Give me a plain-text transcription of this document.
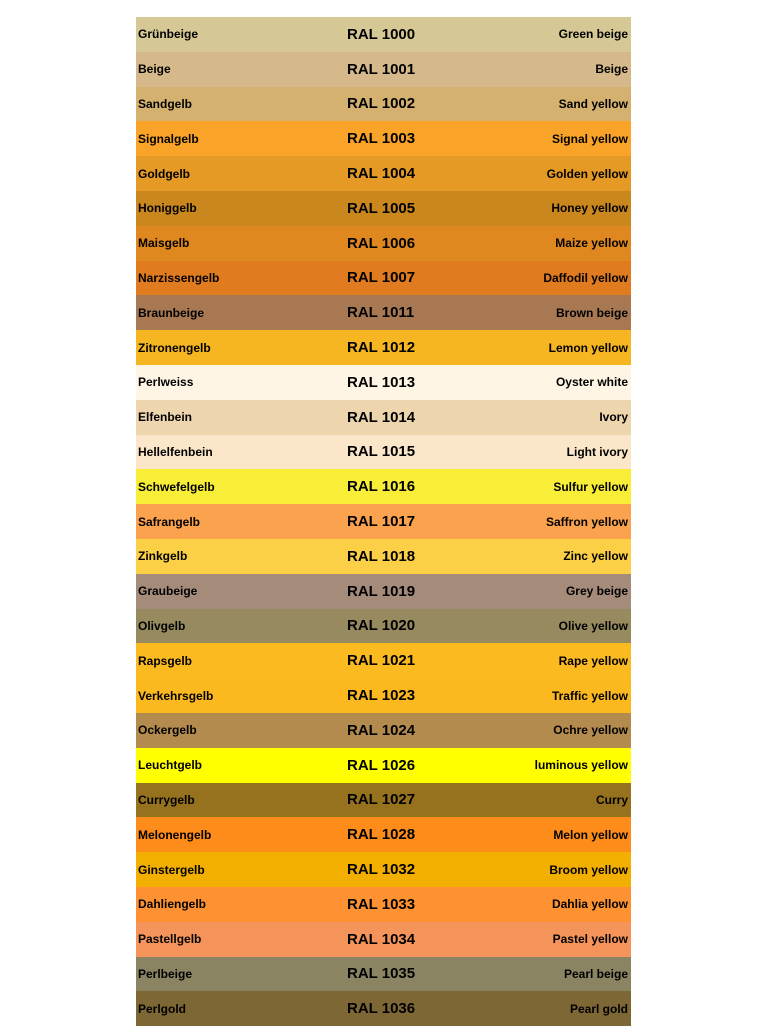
Grünbeige	RAL 1000	Green beige
Beige	RAL 1001	Beige
Sandgelb	RAL 1002	Sand yellow
Signalgelb	RAL 1003	Signal yellow
Goldgelb	RAL 1004	Golden yellow
Honiggelb	RAL 1005	Honey yellow
Maisgelb	RAL 1006	Maize yellow
Narzissengelb	RAL 1007	Daffodil yellow
Braunbeige	RAL 1011	Brown beige
Zitronengelb	RAL 1012	Lemon yellow
Perlweiss	RAL 1013	Oyster white
Elfenbein	RAL 1014	Ivory
Hellelfenbein	RAL 1015	Light ivory
Schwefelgelb	RAL 1016	Sulfur yellow
Safrangelb	RAL 1017	Saffron yellow
Zinkgelb	RAL 1018	Zinc yellow
Graubeige	RAL 1019	Grey beige
Olivgelb	RAL 1020	Olive yellow
Rapsgelb	RAL 1021	Rape yellow
Verkehrsgelb	RAL 1023	Traffic yellow
Ockergelb	RAL 1024	Ochre yellow
Leuchtgelb	RAL 1026	luminous yellow
Currygelb	RAL 1027	Curry
Melonengelb	RAL 1028	Melon yellow
Ginstergelb	RAL 1032	Broom yellow
Dahliengelb	RAL 1033	Dahlia yellow
Pastellgelb	RAL 1034	Pastel yellow
Perlbeige	RAL 1035	Pearl beige
Perlgold	RAL 1036	Pearl gold
